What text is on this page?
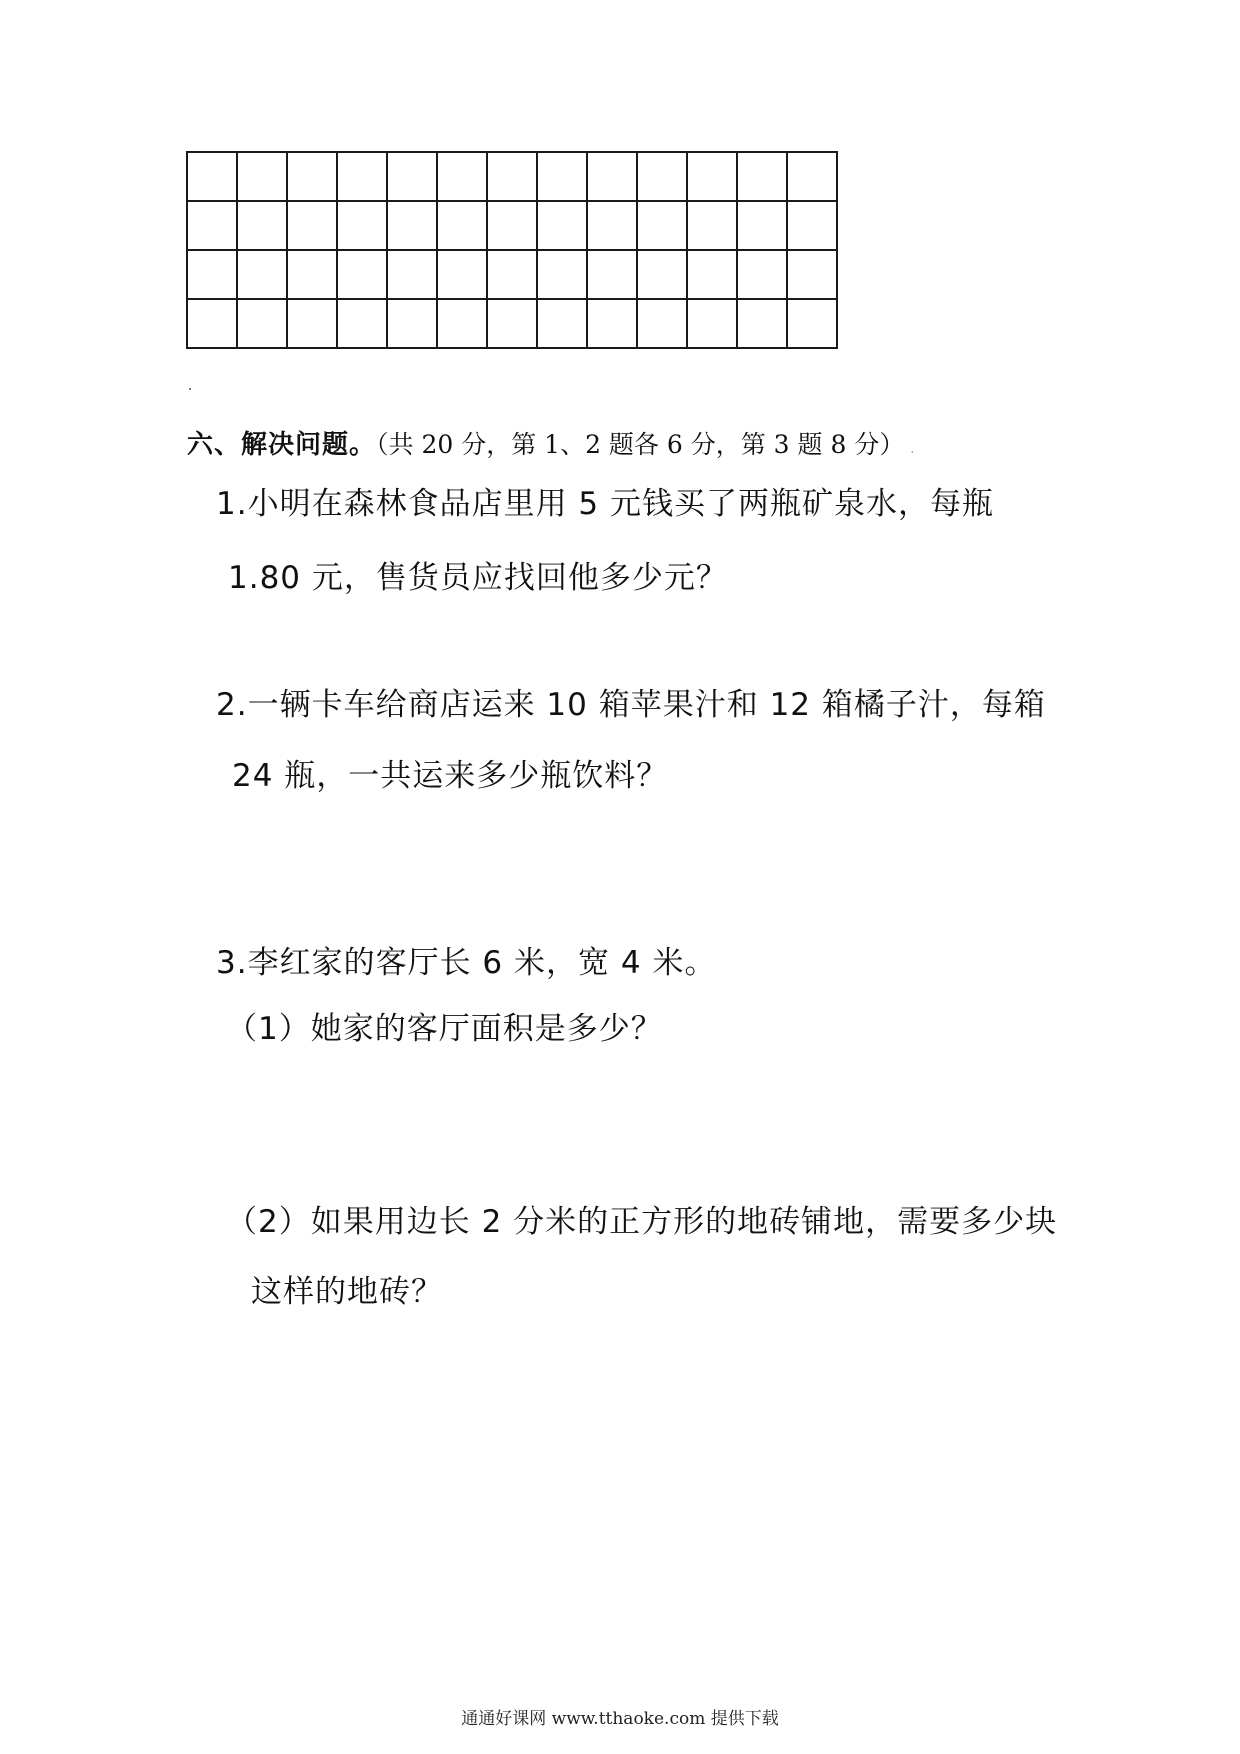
六、解决问题。（共 20 分，第 1、2 题各 6 分，第 3 题 8 分） .
1.小明在森林食品店里用 5 元钱买了两瓶矿泉水，每瓶
1.80 元，售货员应找回他多少元？
2.一辆卡车给商店运来 10 箱苹果汁和 12 箱橘子汁，每箱
24 瓶，一共运来多少瓶饮料？
3.李红家的客厅长 6 米，宽 4 米。
（1）她家的客厅面积是多少？
（2）如果用边长 2 分米的正方形的地砖铺地，需要多少块
这样的地砖？
通通好课网 www.tthaoke.com 提供下载
